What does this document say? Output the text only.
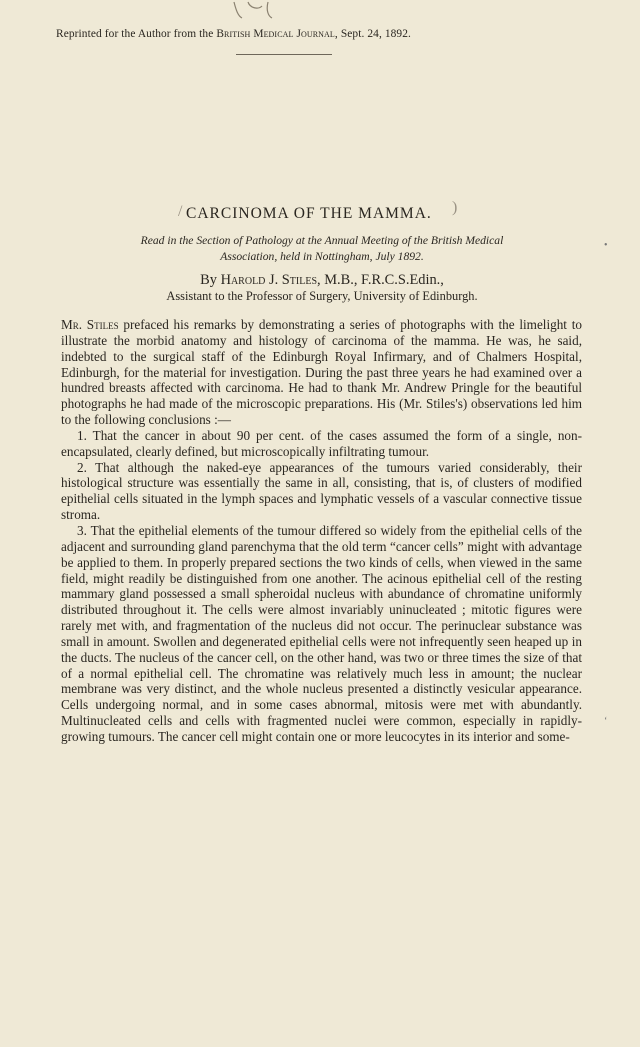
Reprinted for the Author from the British Medical Journal, Sept. 24, 1892.
/ CARCINOMA OF THE MAMMA.	)
Read in the Section of Pathology at the Annual Meeting of the British Medical
Association, held in Nottingham, July 1892.
By Harold J. Stiles, M.B., F.R.C.S.Edin.,
Assistant to the Professor of Surgery, University of Edinburgh.

Mr. Stiles prefaced his remarks by demonstrating a series of photographs with the limelight to illustrate the morbid anatomy and histology of carcinoma of the mamma. He was, he said, indebted to the surgical staff of the Edinburgh Royal Infirmary, and of Chalmers Hospital, Edinburgh, for the material for investigation. During the past three years he had examined over a hundred breasts affected with carcinoma. He had to thank Mr. Andrew Pringle for the beautiful photographs he had made of the microscopic preparations. His (Mr. Stiles's) observations led him to the following conclusions :—

1. That the cancer in about 90 per cent. of the cases assumed the form of a single, non-encapsulated, clearly defined, but microscopically infiltrating tumour.

2. That although the naked-eye appearances of the tumours varied considerably, their histological structure was essentially the same in all, consisting, that is, of clusters of modified epithelial cells situated in the lymph spaces and lymphatic vessels of a vascular connective tissue stroma.

3. That the epithelial elements of the tumour differed so widely from the epithelial cells of the adjacent and surrounding gland parenchyma that the old term “cancer cells” might with advantage be applied to them. In properly prepared sections the two kinds of cells, when viewed in the same field, might readily be distinguished from one another. The acinous epithelial cell of the resting mammary gland possessed a small spheroidal nucleus with abundance of chromatine uniformly distributed throughout it. The cells were almost invariably uninucleated ; mitotic figures were rarely met with, and fragmentation of the nucleus did not occur. The perinuclear substance was small in amount. Swollen and degenerated epithelial cells were not infrequently seen heaped up in the ducts. The nucleus of the cancer cell, on the other hand, was two or three times the size of that of a normal epithelial cell. The chromatine was relatively much less in amount; the nuclear membrane was very distinct, and the whole nucleus presented a distinctly vesicular appearance. Cells undergoing normal, and in some cases abnormal, mitosis were met with abundantly. Multinucleated cells and cells with fragmented nuclei were common, especially in rapidly-growing tumours. The cancer cell might contain one or more leucocytes in its interior and some-

•
‘
